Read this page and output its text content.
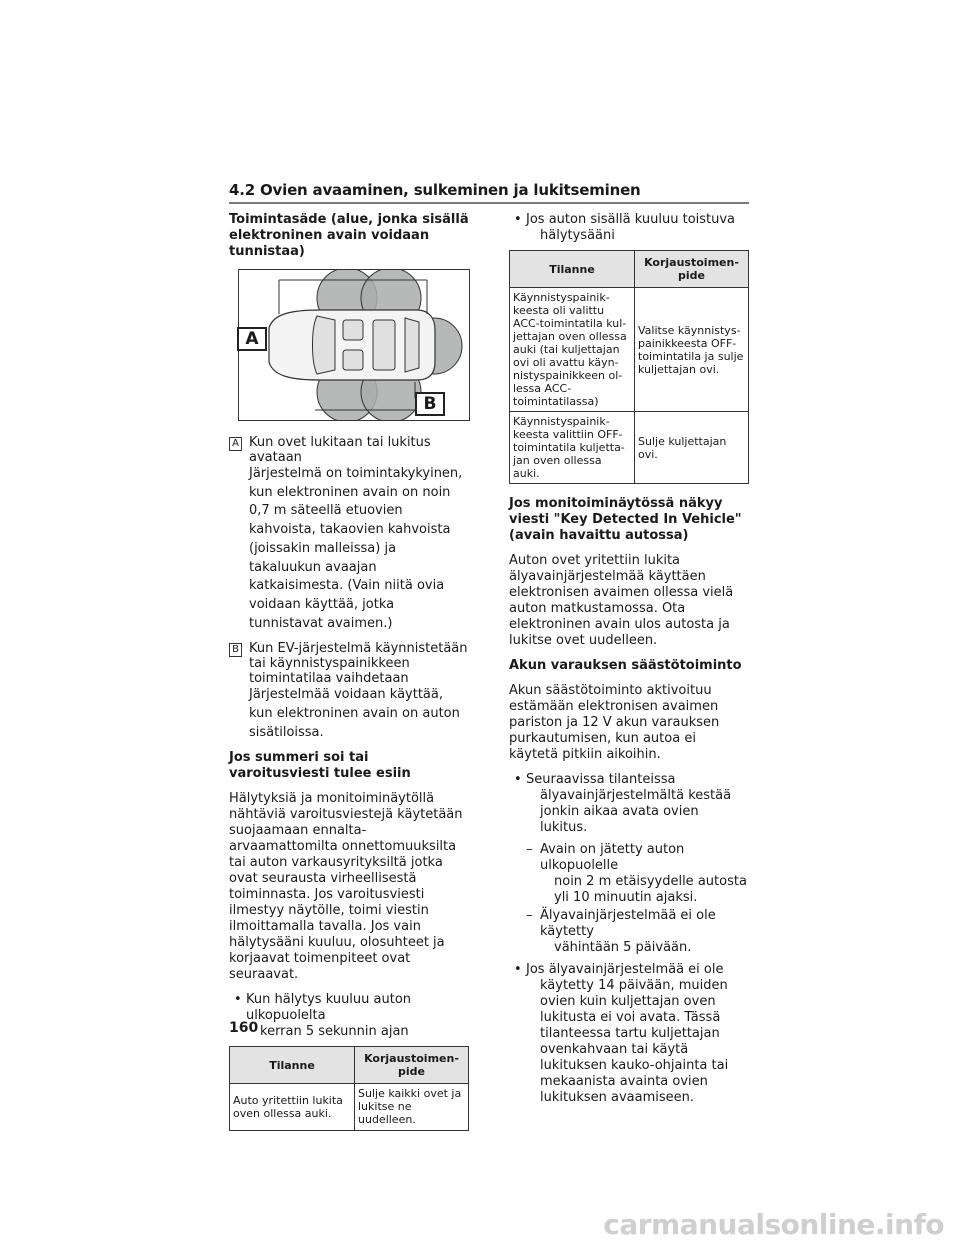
4.2 Ovien avaaminen, sulkeminen ja lukitseminen
Toimintasäde (alue, jonka sisällä elektroninen avain voidaan tunnistaa)
A
B
A Kun ovet lukitaan tai lukitus avataan
Järjestelmä on toimintakykyinen, kun elektroninen avain on noin 0,7 m säteellä etuovien kahvoista, takaovien kahvoista (joissakin malleissa) ja takaluukun avaajan katkaisimesta. (Vain niitä ovia voidaan käyttää, jotka tunnistavat avaimen.)
B Kun EV-järjestelmä käynnistetään tai käynnistyspainikkeen toimintatilaa vaihdetaan
Järjestelmää voidaan käyttää, kun elektroninen avain on auton sisätiloissa.
Jos summeri soi tai varoitusviesti tulee esiin
Hälytyksiä ja monitoiminäytöllä nähtäviä varoitusviestejä käytetään suojaamaan ennalta-arvaamattomilta onnettomuuksilta tai auton varkausyrityksiltä jotka ovat seurausta virheellisestä toiminnasta. Jos varoitusviesti ilmestyy näytölle, toimi viestin ilmoittamalla tavalla. Jos vain hälytysääni kuuluu, olosuhteet ja korjaavat toimenpiteet ovat seuraavat.
• Kun hälytys kuuluu auton ulkopuolelta
kerran 5 sekunnin ajan
Tilanne	Korjaustoimen-pide
Auto yritettiin lukita oven ollessa auki.	Sulje kaikki ovet ja lukitse ne uudelleen.
• Jos auton sisällä kuuluu toistuva
hälytysääni
Tilanne	Korjaustoimen-pide
Käynnistyspainik-keesta oli valittu ACC-toimintatila kul-jettajan oven ollessa auki (tai kuljettajan ovi oli avattu käyn-nistyspainikkeen ol-lessa ACC-toimintatilassa)	Valitse käynnistys-painikkeesta OFF-toimintatila ja sulje kuljettajan ovi.
Käynnistyspainik-keesta valittiin OFF-toimintatila kuljetta-jan oven ollessa auki.	Sulje kuljettajan ovi.
Jos monitoiminäytössä näkyy viesti "Key Detected In Vehicle" (avain havaittu autossa)
Auton ovet yritettiin lukita älyavainjärjestelmää käyttäen elektronisen avaimen ollessa vielä auton matkustamossa. Ota elektroninen avain ulos autosta ja lukitse ovet uudelleen.
Akun varauksen säästötoiminto
Akun säästötoiminto aktivoituu estämään elektronisen avaimen pariston ja 12 V akun varauksen purkautumisen, kun autoa ei käytetä pitkiin aikoihin.
• Seuraavissa tilanteissa
älyavainjärjestelmältä kestää jonkin aikaa avata ovien lukitus.
– Avain on jätetty auton ulkopuolelle
noin 2 m etäisyydelle autosta yli 10 minuutin ajaksi.
– Älyavainjärjestelmää ei ole käytetty
vähintään 5 päivään.
• Jos älyavainjärjestelmää ei ole
käytetty 14 päivään, muiden ovien kuin kuljettajan oven lukitusta ei voi avata. Tässä tilanteessa tartu kuljettajan ovenkahvaan tai käytä lukituksen kauko-ohjainta tai mekaanista avainta ovien lukituksen avaamiseen.
160
carmanualsonline.info
